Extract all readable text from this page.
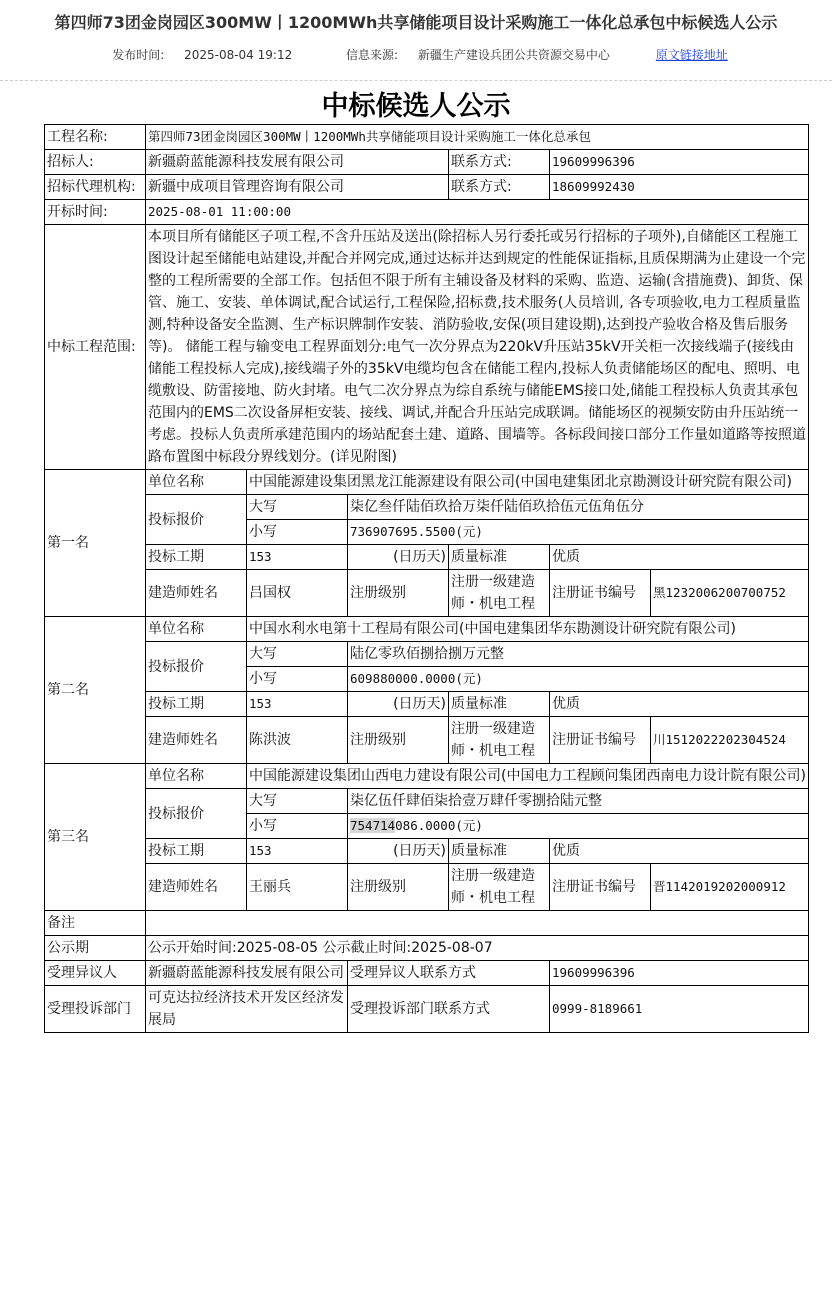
第四师73团金岗园区300MW丨1200MWh共享储能项目设计采购施工一体化总承包中标候选人公示
发布时间: 2025-08-04 19:12	信息来源: 新疆生产建设兵团公共资源交易中心	原文链接地址
中标候选人公示
工程名称:	第四师73团金岗园区300MW丨1200MWh共享储能项目设计采购施工一体化总承包					
招标人:	新疆蔚蓝能源科技发展有限公司			联系方式:	19609996396	
招标代理机构:	新疆中成项目管理咨询有限公司			联系方式:	18609992430	
开标时间:	2025-08-01 11:00:00					
中标工程范围:	本项目所有储能区子项工程,不含升压站及送出(除招标人另行委托或另行招标的子项外),自储能区工程施工图设计起至储能电站建设,并配合并网完成,通过达标并达到规定的性能保证指标,且质保期满为止建设一个完整的工程所需要的全部工作。包括但不限于所有主辅设备及材料的采购、监造、运输(含措施费)、卸货、保管、施工、安装、单体调试,配合试运行,工程保险,招标费,技术服务(人员培训, 各专项验收,电力工程质量监测,特种设备安全监测、生产标识牌制作安装、消防验收,安保(项目建设期),达到投产验收合格及售后服务等)。 储能工程与输变电工程界面划分:电气一次分界点为220kV升压站35kV开关柜一次接线端子(接线由储能工程投标人完成),接线端子外的35kV电缆均包含在储能工程内,投标人负责储能场区的配电、照明、电缆敷设、防雷接地、防火封堵。电气二次分界点为综自系统与储能EMS接口处,储能工程投标人负责其承包范围内的EMS二次设备屏柜安装、接线、调试,并配合升压站完成联调。储能场区的视频安防由升压站统一考虑。投标人负责所承建范围内的场站配套土建、道路、围墙等。各标段间接口部分工作量如道路等按照道路布置图中标段分界线划分。(详见附图)					
第一名	单位名称	中国能源建设集团黑龙江能源建设有限公司(中国电建集团北京勘测设计研究院有限公司)				
	投标报价	大写	柒亿叁仟陆佰玖拾万柒仟陆佰玖拾伍元伍角伍分			
		小写	736907695.5500(元)			
	投标工期	153	(日历天)	质量标准	优质	
	建造师姓名	吕国权	注册级别	注册一级建造师・机电工程	注册证书编号	黑1232006200700752
第二名	单位名称	中国水利水电第十工程局有限公司(中国电建集团华东勘测设计研究院有限公司)				
	投标报价	大写	陆亿零玖佰捌拾捌万元整			
		小写	609880000.0000(元)			
	投标工期	153	(日历天)	质量标准	优质	
	建造师姓名	陈洪波	注册级别	注册一级建造师・机电工程	注册证书编号	川1512022202304524
第三名	单位名称	中国能源建设集团山西电力建设有限公司(中国电力工程顾问集团西南电力设计院有限公司)				
	投标报价	大写	柒亿伍仟肆佰柒拾壹万肆仟零捌拾陆元整			
		小写	754714086.0000(元)			
	投标工期	153	(日历天)	质量标准	优质	
	建造师姓名	王丽兵	注册级别	注册一级建造师・机电工程	注册证书编号	晋1142019202000912
备注						
公示期	公示开始时间:2025-08-05 公示截止时间:2025-08-07					
受理异议人	新疆蔚蓝能源科技发展有限公司		受理异议人联系方式		19609996396	
受理投诉部门	可克达拉经济技术开发区经济发展局		受理投诉部门联系方式		0999-8189661	
